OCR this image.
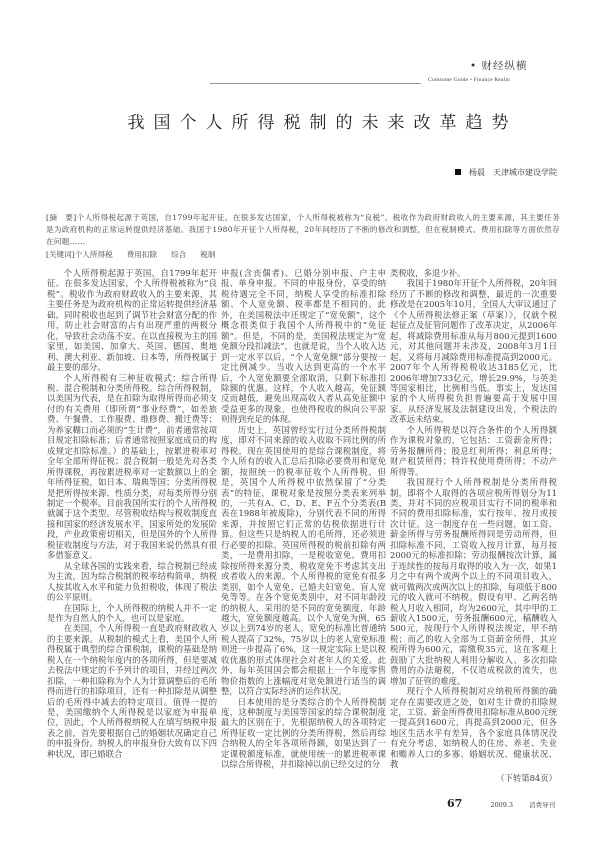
• 财经纵横
Comsume Guide • Finance Realm
我国个人所得税制的未来改革趋势
杨晨　天津城市建设学院
[摘　要]个人所得税起源于英国，自1799年起开征。在很多发达国家，个人所得税被称为“良税”。税收作为政府财政收入的主要来源，其主要任务是为政府机构的正常运转提供经济基础。我国于1980年开征个人所得税，20年间经历了不断的修改和调整，但在税制模式、费用扣除等方面依然存在问题……
[关键词]个人所得税 费用扣除 综合 税制

个人所得税起源于英国，自1799年起开征。在很多发达国家，个人所得税被称为“良税”。税收作为政府财政收入的主要来源，其主要任务是为政府机构的正常运转提供经济基础。同时税收也起到了调节社会财富分配的作用，防止社会财富的占有出现严重的两极分化，导致社会动荡不安。在以直接税为主的国家里，如美国、加拿大、英国、德国、奥地利、澳大利亚、新加坡、日本等，所得税属于最主要的部分。

个人所得税有三种征收模式：综合所得税、混合税制和分类所得税。综合所得税制，以美国为代表，是在扣除为取得所得而必须支付的有关费用（即所谓“事业经费”，如差旅费、午餐费、工作服费、维修费、搬迁费等；为养家糊口而必须的“生计费”，前者通常按项目规定扣除标准；后者通常按照家庭成员的构成规定扣除标准。）的基础上，按累进税率对全年全部所得征税；混合税制一般是先对各类所得课税，再按累进税率对一定数额以上的全年所得征税，如日本、瑞典等国；分类所得税是把所得按来源、性质分类，对每类所得分别制定一个税率。目前我国所实行的个人所得税就属于这个类型。尽管税收结构与税收制度直接和国家的经济发展水平，国家所处的发展阶段，产业政策密切相关，但是国外的个人所得税征收制度与方法，对于我国来说仍然具有很多借鉴意义。

从全球各国的实践来看，综合税制已经成为主流，因为综合税制的税率结构简单，纳税人按其收入水平和能力负担税收，体现了税法的公平原则。

在国际上，个人所得税的纳税人并不一定是作为自然人的个人，也可以是家庭。

在美国，个人所得税一直是政府财政收入的主要来源。从税制的模式上看，美国个人所得税属于典型的综合课税制，课税的基础是纳税人在一个纳税年度内的各项所得，但是要减去税法中规定的不予列计的项目，并经过两次扣除，一种扣除称为个人为计算调整后的毛所得而进行的扣除项目，还有一种扣除是从调整后的毛所得中减去的特定项目。值得一提的是，美国缴纳个人所得税是以家庭为申报单位，因此，个人所得税纳税人在填写纳税申报表之前，首先要根据自己的婚姻状况确定自己的申报身份。纳税人的申报身份大致有以下四种状况，即已婚联合

申报(含丧偶者)、已婚分别申报、户主申报、单身申报。不同的申报身份，享受的纳税待遇完全不同，纳税人享受的标准扣除额、个人宽免额、税率都是不相同的。此外，在美国税法中还规定了“宽免额”，这个概念很类似于我国个人所得税中的“免征额”。但是，不同的是，美国税法规定为“宽免额分段扣减法”，也就是说，当个人收入达到一定水平以后，“个人宽免额”部分要按一定比例减少。当收入达到更高的一个水平后，个人宽免额要全部取消，只剩下标准扣除额的优惠。这样，个人收入越高，免征额反而越低，避免出现高收入者从高免征额中受益更多的现象，也使得税收的纵向公平原则得到充足的体现。

历史上，英国曾经实行过分类所得税制度，即对不同来源的收入收取不同比例的所得税。现在英国使用的是综合课税制度，将个人所有的收入汇总后扣除必要费用和宽免额，按照统一的税率征收个人所得税。但是，英国个人所得税中依然保留了“分类表”的特征，课税对象是按照分类表来列举的，一共有A、C、D、E、F五个分类表(B表在1988年被废除)，分别代表不同的所得来源，并按照它们正常的估税依据进行计算。但这些只是纳税人的毛所得，还必须进行必要的扣除。英国所得税的税前扣除有两类，一是费用扣除，一是税收宽免。费用扣除按所得来源分类，税收宽免不考虑其支出或者收入的来源。个人所得税的宽免有很多类别，如个人宽免、已婚夫妇宽免、盲人宽免等等。在各个宽免类别中，对不同年龄段的纳税人，采用的是不同的宽免额度，年龄越大，宽免额度越高。以个人宽免为例，65岁以上到74岁的老人，宽免的标准比普通纳税人提高了32%，75岁以上的老人宽免标准则进一步提高了6%，这一规定实际上是以税收优惠的形式体现社会对老年人的关爱。此外，每年英国国会都会根据上一个年度零售物价指数的上涨幅度对宽免额进行适当的调整，以符合实际经济的运作状况。

日本使用的是分类综合的个人所得税制度，这种制度与美国等国家的综合课税制度最大的区别在于，先根据纳税人的各项特定所得征收一定比例的分类所得税，然后再综合纳税人的全年各项所得额，如果达到了一定课税额度标准，就使用统一的累进税率课以综合所得税，并扣除掉以前已经交过的分

类税收，多退少补。

我国于1980年开征个人所得税，20年间经历了不断的修改和调整，最近的一次重要修改是在2005年10月，全国人大审议通过了《个人所得税法修正案（草案）》，仅就个税起征点及征管问题作了改革决定，从2006年起，将减除费用标准从每月800元提到1600元，对其他问题并未涉及，2008年3月1日起，又将每月减除费用标准提高到2000元。2007年个人所得税税收达3185亿元，比2006年增加733亿元，增长29.9%，与英美等国家相比，比例相当低。事实上，发达国家的个人所得税负担普遍要高于发展中国家。从经济发展及法制建设出发，个税法的改革远未结束。

个人所得税是以符合条件的个人所得额作为课税对象的，它包括：工资薪金所得；劳务报酬所得；股息红利所得；利息所得；财产租赁所得；特许权使用费所得；不动产所得等。

我国现行个人所得税制是分类所得税制，即将个人取得的各项应税所得划分为11类，并对不同的应税项目实行不同的税率和不同的费用扣除标准，实行按年、按月或按次计征。这一制度存在一些问题，如工资、薪金所得与劳务报酬所得同是劳动所得，但扣除标准不同，工资收入按月计算，每月按2000元的标准扣除；劳动报酬按次计算，属于连续性的按每月取得的收入为一次，如果1月之中有两个或两个以上的不同项目收入，就可做两次或两次以上的扣除，每项低于800元的收入就可不纳税。假设有甲、乙两名纳税人月收入相同，均为2600元，其中甲的工薪收入1500元，劳务报酬600元，稿酬收入500元，按现行个人所得税法规定，甲不纳税；而乙的收入全部为工资薪金所得，其应税所得为600元，需缴税35元，这在客观上鼓励了大批纳税人利用分解收入、多次扣除费用的办法避税，不仅造成税款的流失，也增加了征管的难度。

现行个人所得税制对应纳税所得额的确定存在需要改进之处，如对生计费的扣除规定，工资、薪金所得费用扣除标准从800元统一提高到1600元，再提高到2000元，但各地区生活水平有差异，各个家庭具体情况没有充分考虑，如纳税人的住房、养老、失业和赡养人口的多寡、婚姻状况、健康状况、教

（下转第84页）
67	2009.3 消费导刊
